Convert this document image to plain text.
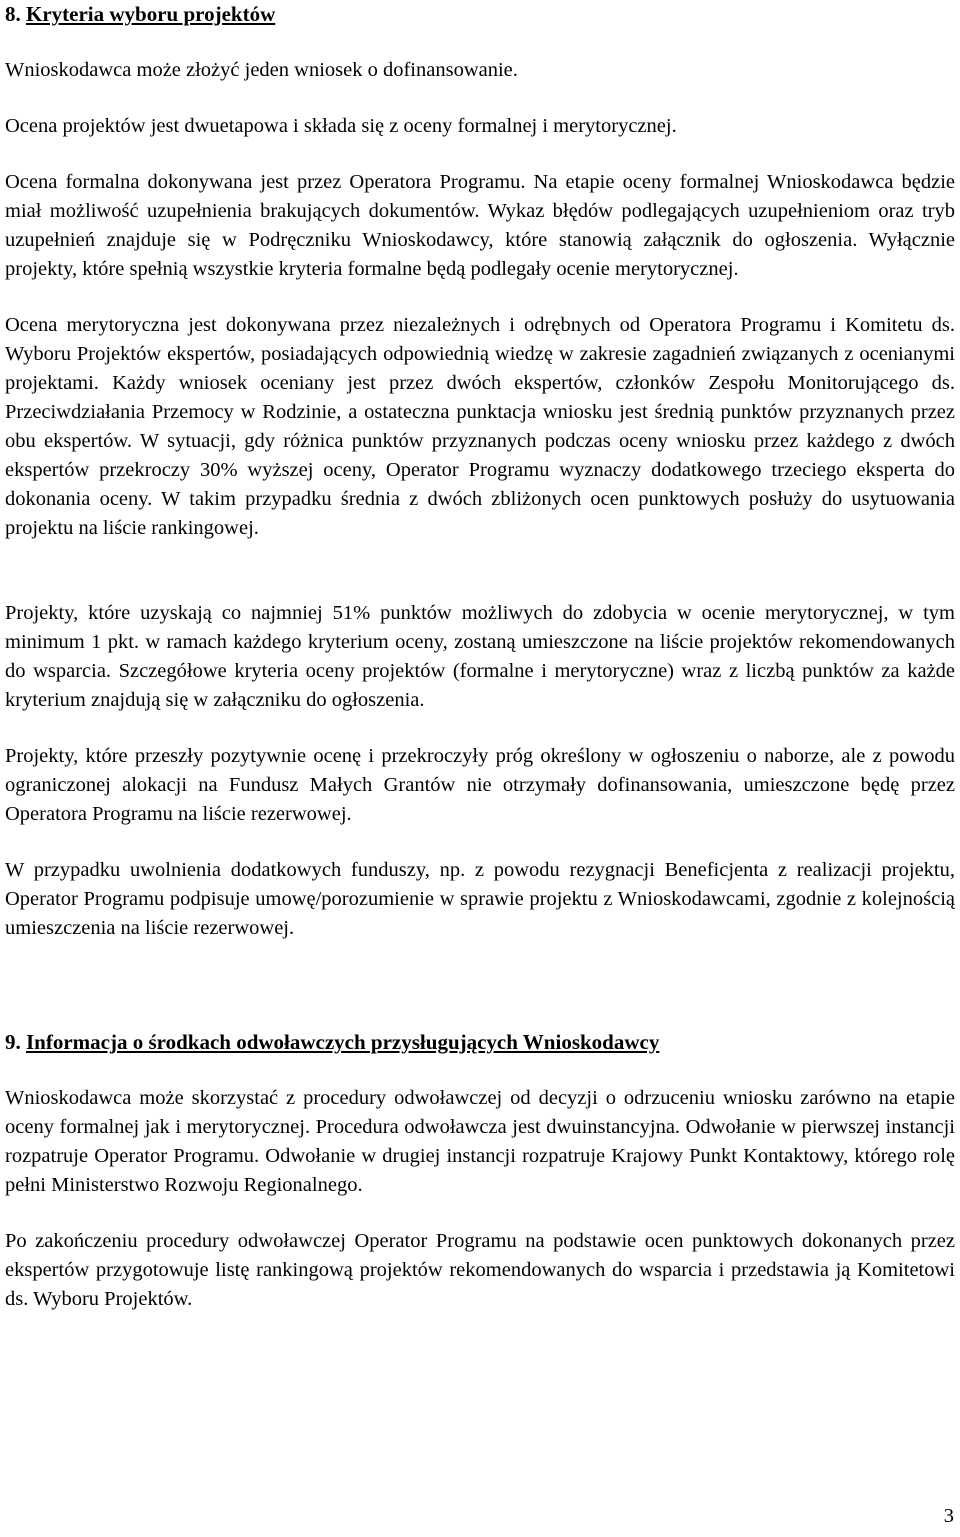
8. Kryteria wyboru projektów

Wnioskodawca może złożyć jeden wniosek o dofinansowanie.

Ocena projektów jest dwuetapowa i składa się z oceny formalnej i merytorycznej.

Ocena formalna dokonywana jest przez Operatora Programu. Na etapie oceny formalnej Wnioskodawca będzie miał możliwość uzupełnienia brakujących dokumentów. Wykaz błędów podlegających uzupełnieniom oraz tryb uzupełnień znajduje się w Podręczniku Wnioskodawcy, które stanowią załącznik do ogłoszenia. Wyłącznie projekty, które spełnią wszystkie kryteria formalne będą podlegały ocenie merytorycznej.

Ocena merytoryczna jest dokonywana przez niezależnych i odrębnych od Operatora Programu i Komitetu ds. Wyboru Projektów ekspertów, posiadających odpowiednią wiedzę w zakresie zagadnień związanych z ocenianymi projektami. Każdy wniosek oceniany jest przez dwóch ekspertów, członków Zespołu Monitorującego ds. Przeciwdziałania Przemocy w Rodzinie, a ostateczna punktacja wniosku jest średnią punktów przyznanych przez obu ekspertów. W sytuacji, gdy różnica punktów przyznanych podczas oceny wniosku przez każdego z dwóch ekspertów przekroczy 30% wyższej oceny, Operator Programu wyznaczy dodatkowego trzeciego eksperta do dokonania oceny. W takim przypadku średnia z dwóch zbliżonych ocen punktowych posłuży do usytuowania projektu na liście rankingowej.

Projekty, które uzyskają co najmniej 51% punktów możliwych do zdobycia w ocenie merytorycznej, w tym minimum 1 pkt. w ramach każdego kryterium oceny, zostaną umieszczone na liście projektów rekomendowanych do wsparcia. Szczegółowe kryteria oceny projektów (formalne i merytoryczne) wraz z liczbą punktów za każde kryterium znajdują się w załączniku do ogłoszenia.

Projekty, które przeszły pozytywnie ocenę i przekroczyły próg określony w ogłoszeniu o naborze, ale z powodu ograniczonej alokacji na Fundusz Małych Grantów nie otrzymały dofinansowania, umieszczone będę przez Operatora Programu na liście rezerwowej.

W przypadku uwolnienia dodatkowych funduszy, np. z powodu rezygnacji Beneficjenta z realizacji projektu, Operator Programu podpisuje umowę/porozumienie w sprawie projektu z Wnioskodawcami, zgodnie z kolejnością umieszczenia na liście rezerwowej.

9. Informacja o środkach odwoławczych przysługujących Wnioskodawcy

Wnioskodawca może skorzystać z procedury odwoławczej od decyzji o odrzuceniu wniosku zarówno na etapie oceny formalnej jak i merytorycznej. Procedura odwoławcza jest dwuinstancyjna. Odwołanie w pierwszej instancji rozpatruje Operator Programu. Odwołanie w drugiej instancji rozpatruje Krajowy Punkt Kontaktowy, którego rolę pełni Ministerstwo Rozwoju Regionalnego.

Po zakończeniu procedury odwoławczej Operator Programu na podstawie ocen punktowych dokonanych przez ekspertów przygotowuje listę rankingową projektów rekomendowanych do wsparcia i przedstawia ją Komitetowi ds. Wyboru Projektów.

3
